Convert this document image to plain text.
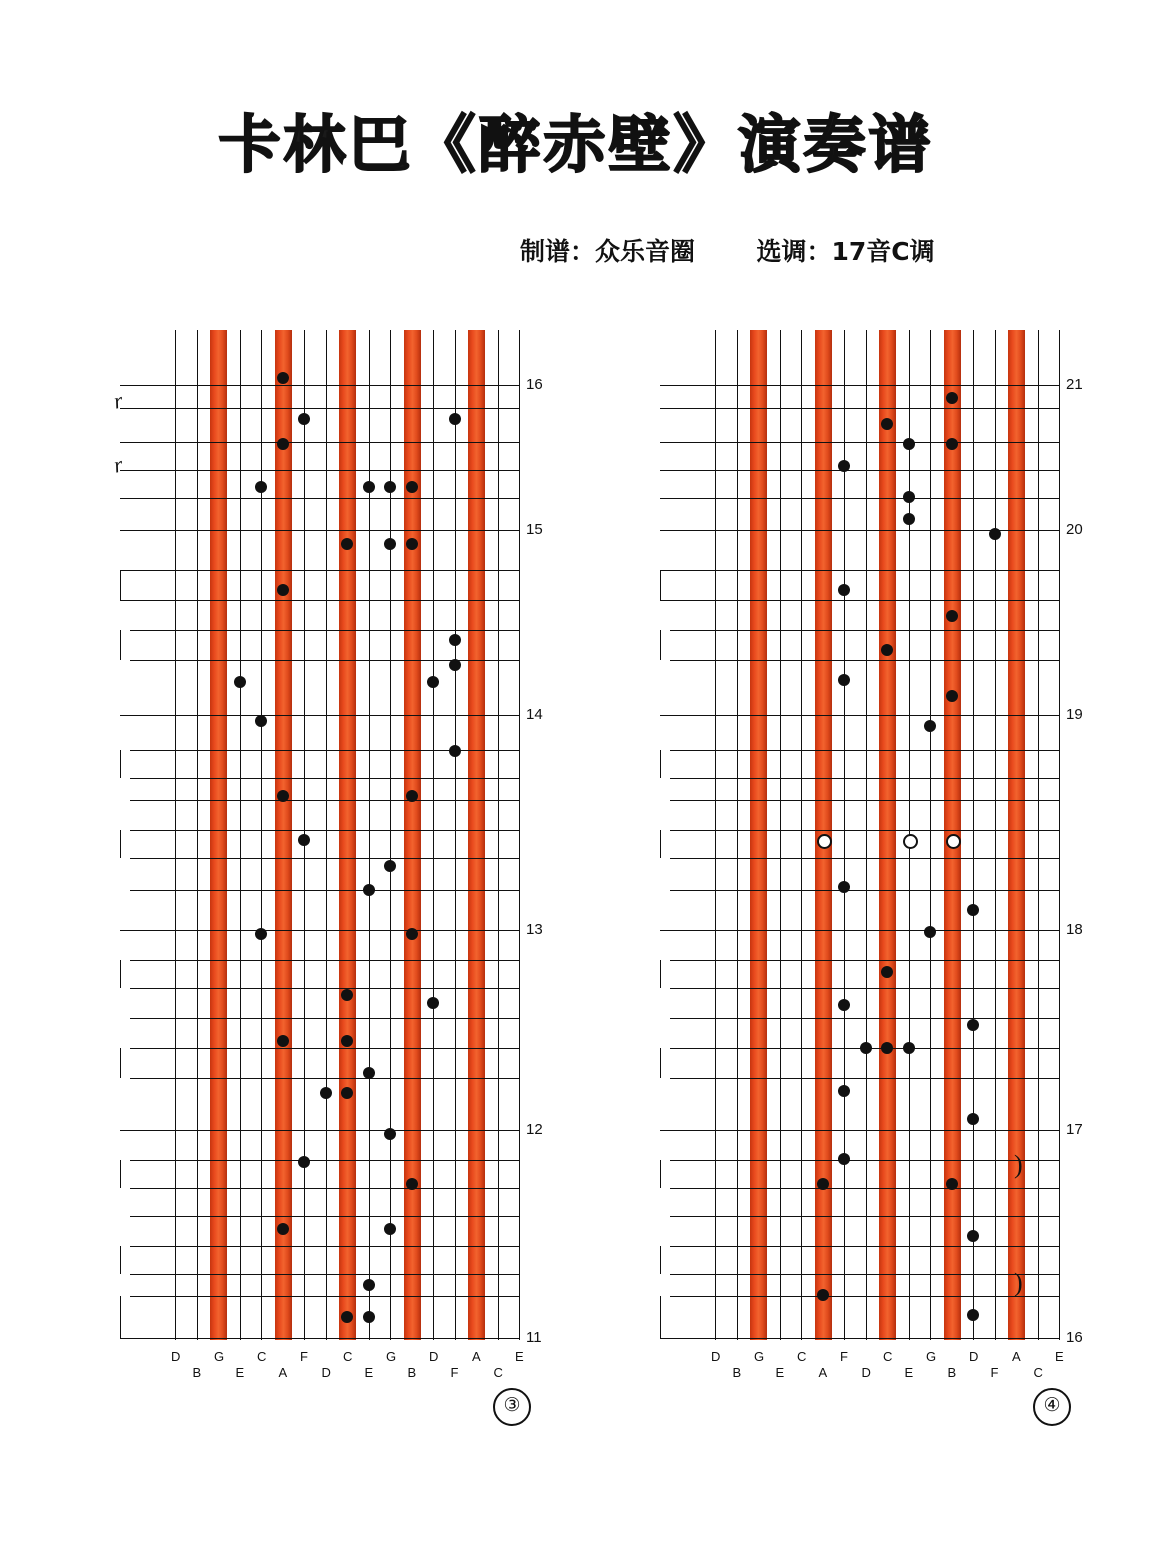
卡林巴《醉赤壁》演奏谱
制谱：众乐音圈 选调：17音C调
16
15
14
13
12
11
D
B
G
E
C
A
F
D
C
E
G
B
D
F
A
C
E
r
r
21
20
19
18
17
16
D
B
G
E
C
A
F
D
C
E
G
B
D
F
A
C
E
)
)
③	④
